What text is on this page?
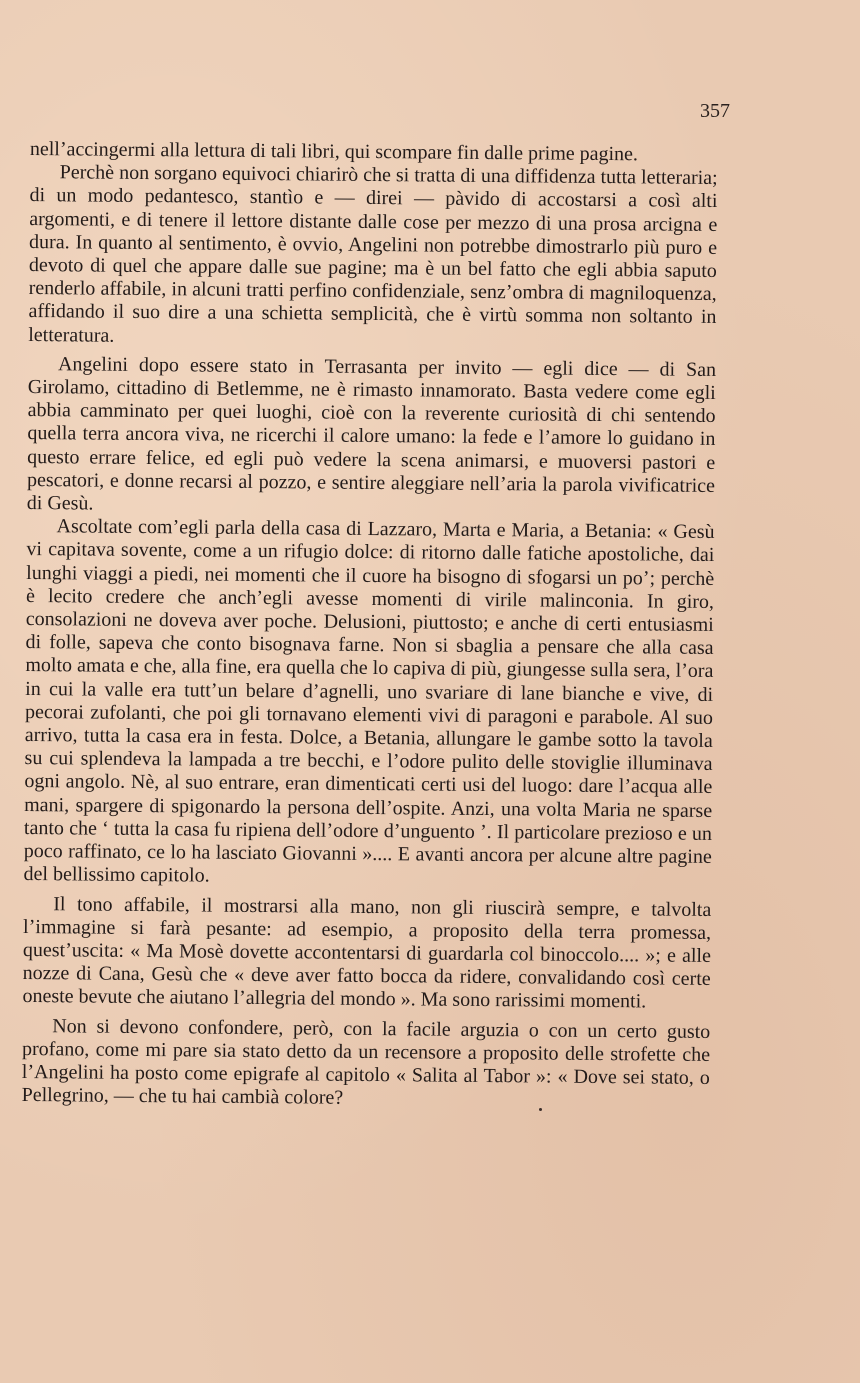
357

nell’accingermi alla lettura di tali libri, qui scompare fin dalle prime pagine.

Perchè non sorgano equivoci chiarirò che si tratta di una diffidenza tutta letteraria; di un modo pedantesco, stantìo e — direi — pàvido di accostarsi a così alti argomenti, e di tenere il lettore distante dalle cose per mezzo di una prosa arcigna e dura. In quanto al sentimento, è ovvio, Angelini non potrebbe dimostrarlo più puro e devoto di quel che appare dalle sue pagine; ma è un bel fatto che egli abbia saputo renderlo affabile, in alcuni tratti perfino confidenziale, senz’ombra di magniloquenza, affidando il suo dire a una schietta semplicità, che è virtù somma non soltanto in letteratura.

Angelini dopo essere stato in Terrasanta per invito — egli dice — di San Girolamo, cittadino di Betlemme, ne è rimasto innamorato. Basta vedere come egli abbia camminato per quei luoghi, cioè con la reverente curiosità di chi sentendo quella terra ancora viva, ne ricerchi il calore umano: la fede e l’amore lo guidano in questo errare felice, ed egli può vedere la scena animarsi, e muoversi pastori e pescatori, e donne recarsi al pozzo, e sentire aleggiare nell’aria la parola vivificatrice di Gesù.

Ascoltate com’egli parla della casa di Lazzaro, Marta e Maria, a Betania: « Gesù vi capitava sovente, come a un rifugio dolce: di ritorno dalle fatiche apostoliche, dai lunghi viaggi a piedi, nei momenti che il cuore ha bisogno di sfogarsi un po’; perchè è lecito credere che anch’egli avesse momenti di virile malinconia. In giro, consolazioni ne doveva aver poche. Delusioni, piuttosto; e anche di certi entusiasmi di folle, sapeva che conto bisognava farne. Non si sbaglia a pensare che alla casa molto amata e che, alla fine, era quella che lo capiva di più, giungesse sulla sera, l’ora in cui la valle era tutt’un belare d’agnelli, uno svariare di lane bianche e vive, di pecorai zufolanti, che poi gli tornavano elementi vivi di paragoni e parabole. Al suo arrivo, tutta la casa era in festa. Dolce, a Betania, allungare le gambe sotto la tavola su cui splendeva la lampada a tre becchi, e l’odore pulito delle stoviglie illuminava ogni angolo. Nè, al suo entrare, eran dimenticati certi usi del luogo: dare l’acqua alle mani, spargere di spigonardo la persona dell’ospite. Anzi, una volta Maria ne sparse tanto che ‘ tutta la casa fu ripiena dell’odore d’unguento ’. Il particolare prezioso e un poco raffinato, ce lo ha lasciato Giovanni ».... E avanti ancora per alcune altre pagine del bellissimo capitolo.

Il tono affabile, il mostrarsi alla mano, non gli riuscirà sempre, e talvolta l’immagine si farà pesante: ad esempio, a proposito della terra promessa, quest’uscita: « Ma Mosè dovette accontentarsi di guardarla col binoccolo.... »; e alle nozze di Cana, Gesù che « deve aver fatto bocca da ridere, convalidando così certe oneste bevute che aiutano l’allegria del mondo ». Ma sono rarissimi momenti.

Non si devono confondere, però, con la facile arguzia o con un certo gusto profano, come mi pare sia stato detto da un recensore a proposito delle strofette che l’Angelini ha posto come epigrafe al capitolo « Salita al Tabor »: « Dove sei stato, o Pellegrino, — che tu hai cambià colore?
